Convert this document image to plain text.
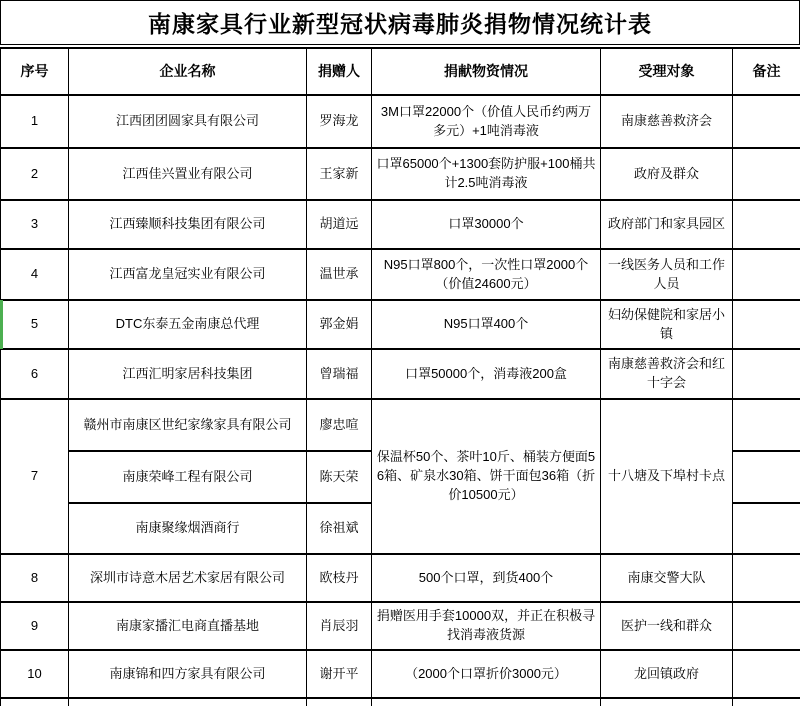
南康家具行业新型冠状病毒肺炎捐物情况统计表
序号	企业名称	捐赠人	捐献物资情况	受理对象	备注
1	江西团团圆家具有限公司	罗海龙	3M口罩22000个（价值人民币约两万多元）+1吨消毒液	南康慈善救济会	
2	江西佳兴置业有限公司	王家新	口罩65000个+1300套防护服+100桶共计2.5吨消毒液	政府及群众	
3	江西臻顺科技集团有限公司	胡道远	口罩30000个	政府部门和家具园区	
4	江西富龙皇冠实业有限公司	温世承	N95口罩800个，一次性口罩2000个（价值24600元）	一线医务人员和工作人员	
5	DTC东泰五金南康总代理	郭金娟	N95口罩400个	妇幼保健院和家居小镇	
6	江西汇明家居科技集团	曾瑞福	口罩50000个，消毒液200盒	南康慈善救济会和红十字会	
7	赣州市南康区世纪家缘家具有限公司	廖忠喧	保温杯50个、茶叶10斤、桶装方便面56箱、矿泉水30箱、饼干面包36箱（折价10500元）	十八塘及下埠村卡点	
	南康荣峰工程有限公司	陈天荣			
	南康聚缘烟酒商行	徐祖斌			
8	深圳市诗意木居艺术家居有限公司	欧枝丹	500个口罩，到货400个	南康交警大队	
9	南康家播汇电商直播基地	肖辰羽	捐赠医用手套10000双，并正在积极寻找消毒液货源	医护一线和群众	
10	南康锦和四方家具有限公司	谢开平	（2000个口罩折价3000元）	龙回镇政府	
